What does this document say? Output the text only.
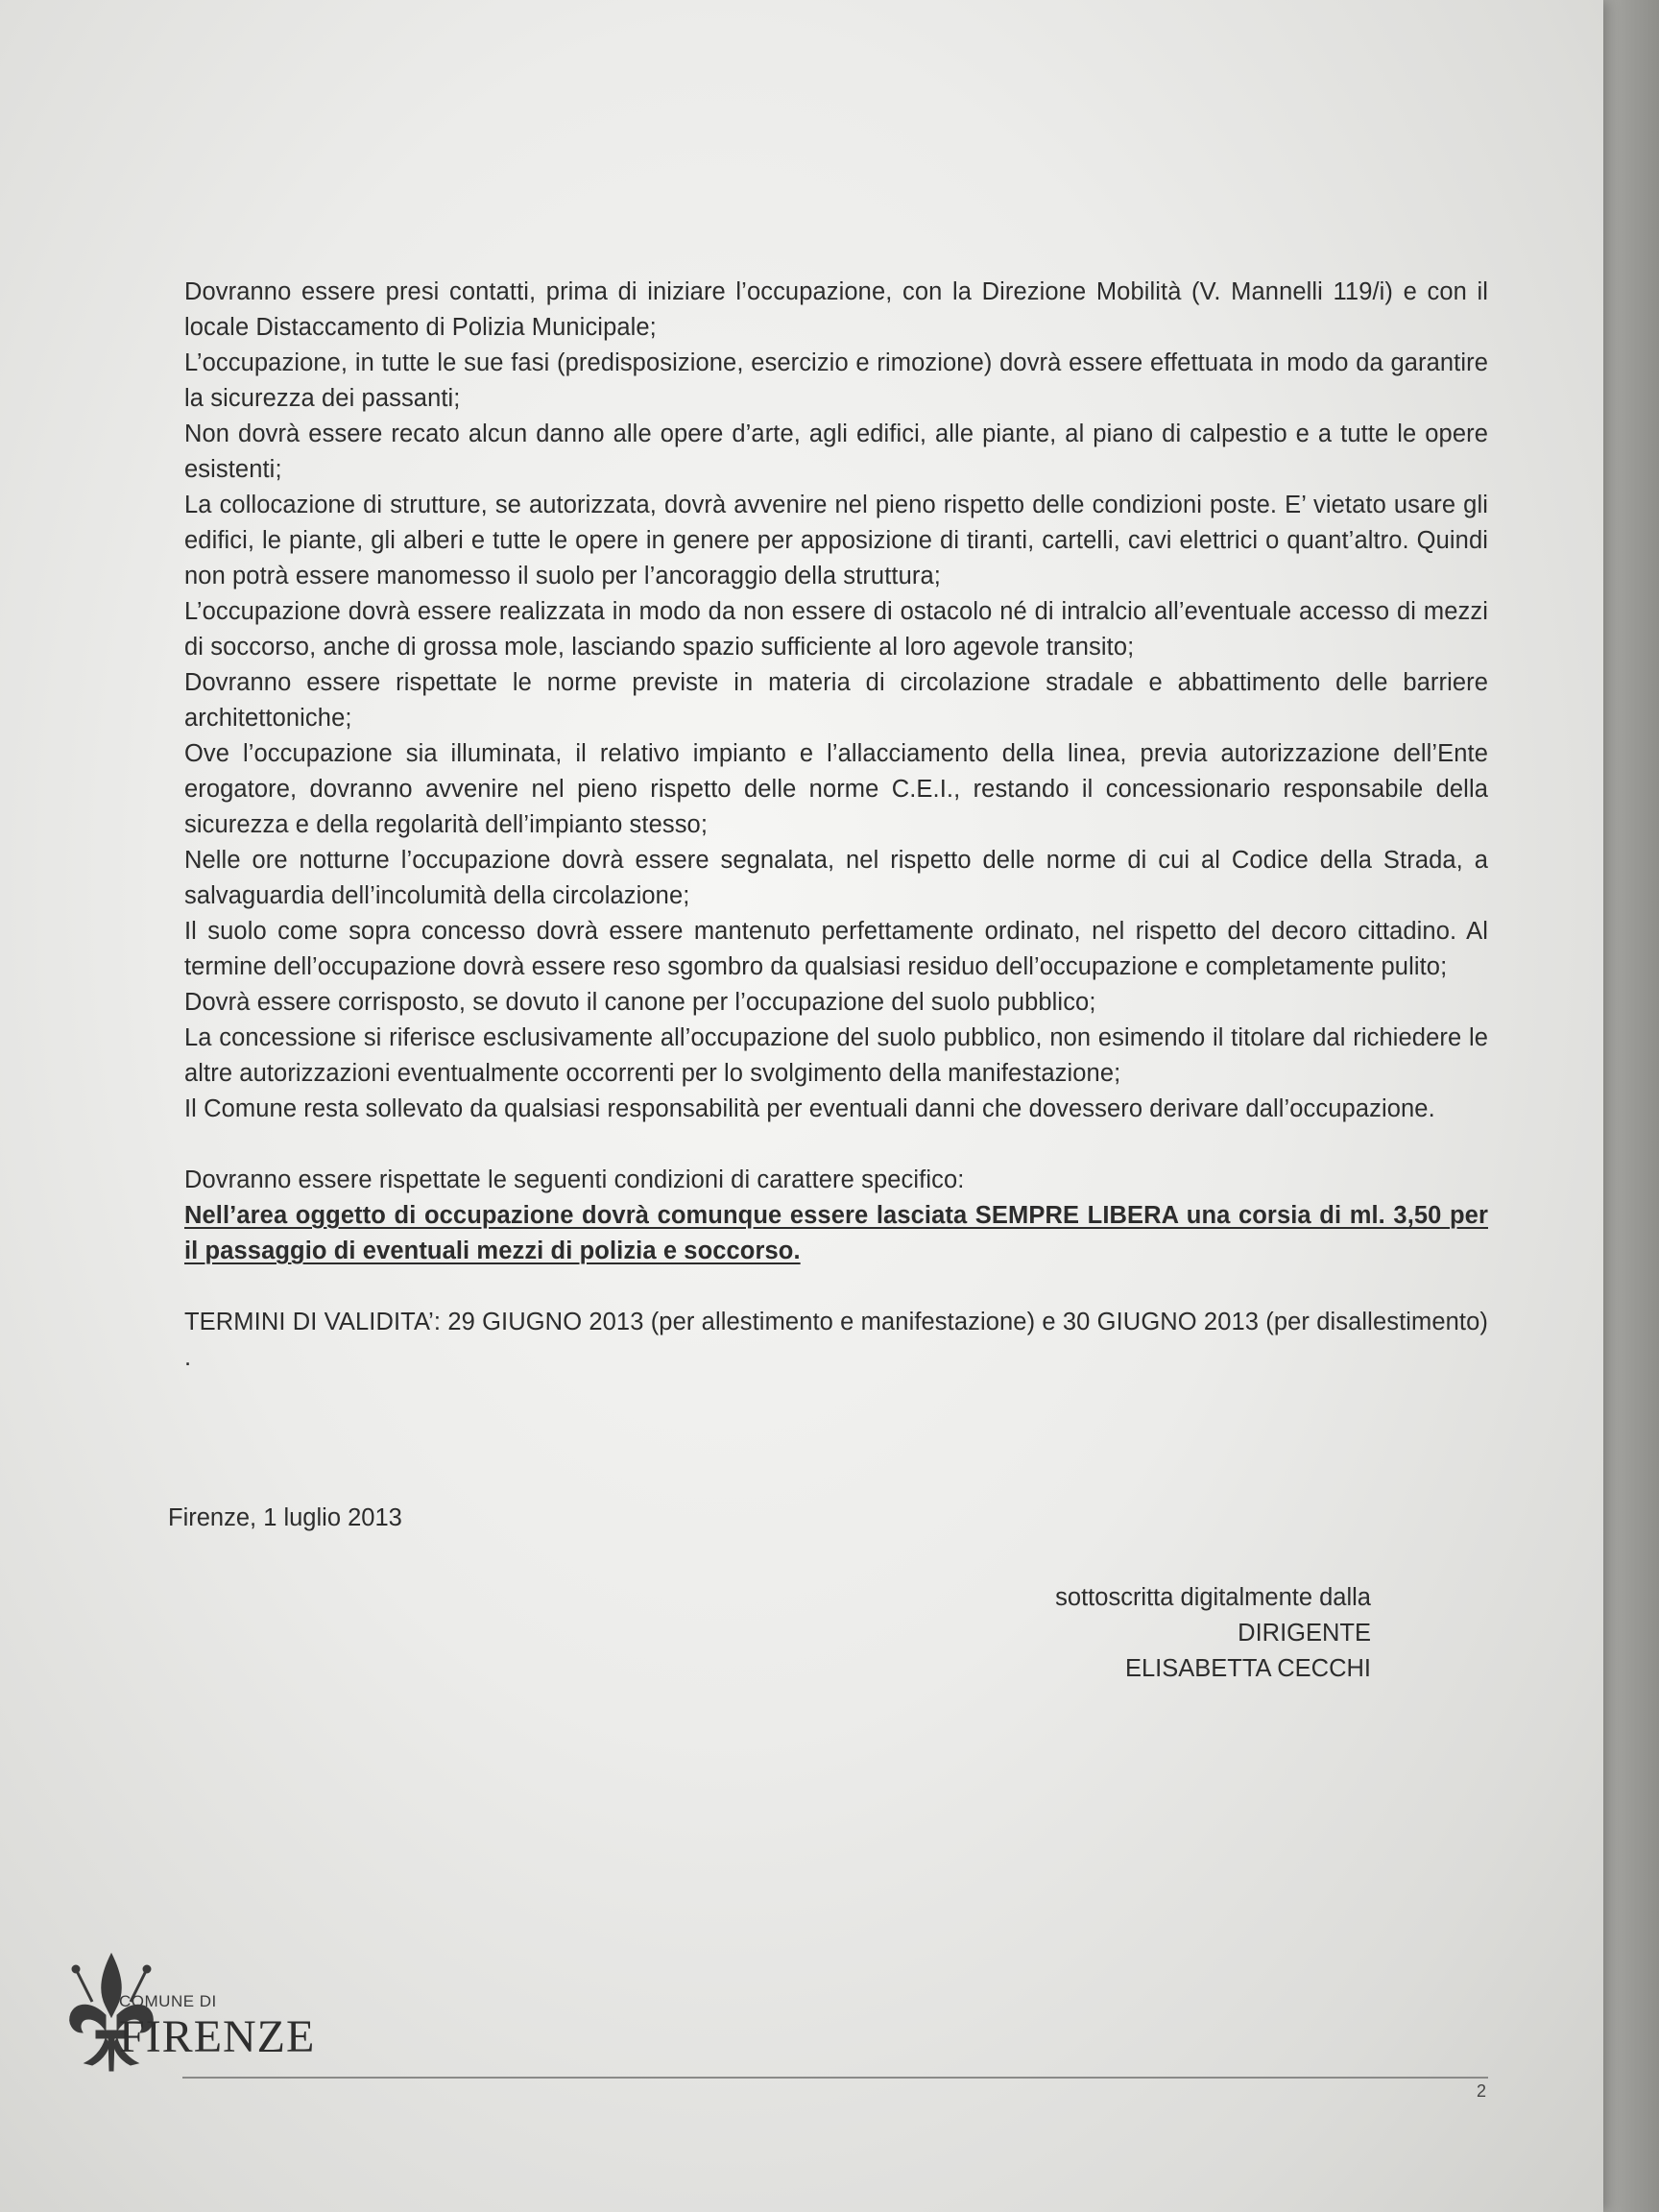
Dovranno essere presi contatti, prima di iniziare l’occupazione, con la Direzione Mobilità (V. Mannelli 119/i) e con il locale Distaccamento di Polizia Municipale;

L’occupazione, in tutte le sue fasi (predisposizione, esercizio e rimozione) dovrà essere effettuata in modo da garantire la sicurezza dei passanti;

Non dovrà essere recato alcun danno alle opere d’arte, agli edifici, alle piante, al piano di calpestio e a tutte le opere esistenti;

La collocazione di strutture, se autorizzata, dovrà avvenire nel pieno rispetto delle condizioni poste. E’ vietato usare gli edifici, le piante, gli alberi e tutte le opere in genere per apposizione di tiranti, cartelli, cavi elettrici o quant’altro. Quindi non potrà essere manomesso il suolo per l’ancoraggio della struttura;

L’occupazione dovrà essere realizzata in modo da non essere di ostacolo né di intralcio all’eventuale accesso di mezzi di soccorso, anche di grossa mole, lasciando spazio sufficiente al loro agevole transito;

Dovranno essere rispettate le norme previste in materia di circolazione stradale e abbattimento delle barriere architettoniche;

Ove l’occupazione sia illuminata, il relativo impianto e l’allacciamento della linea, previa autorizzazione dell’Ente erogatore, dovranno avvenire nel pieno rispetto delle norme C.E.I., restando il concessionario responsabile della sicurezza e della regolarità dell’impianto stesso;

Nelle ore notturne l’occupazione dovrà essere segnalata, nel rispetto delle norme di cui al Codice della Strada, a salvaguardia dell’incolumità della circolazione;

Il suolo come sopra concesso dovrà essere mantenuto perfettamente ordinato, nel rispetto del decoro cittadino. Al termine dell’occupazione dovrà essere reso sgombro da qualsiasi residuo dell’occupazione e completamente pulito;

Dovrà essere corrisposto, se dovuto il canone per l’occupazione del suolo pubblico;

La concessione si riferisce esclusivamente all’occupazione del suolo pubblico, non esimendo il titolare dal richiedere le altre autorizzazioni eventualmente occorrenti per lo svolgimento della manifestazione;

Il Comune resta sollevato da qualsiasi responsabilità per eventuali danni che dovessero derivare dall’occupazione.

Dovranno essere rispettate le seguenti condizioni di carattere specifico:

Nell’area oggetto di occupazione dovrà comunque essere lasciata SEMPRE LIBERA una corsia di ml. 3,50 per il passaggio di eventuali mezzi di polizia e soccorso.

TERMINI DI VALIDITA’: 29 GIUGNO 2013 (per allestimento e manifestazione) e 30 GIUGNO 2013 (per disallestimento) .

Firenze, 1 luglio 2013
sottoscritta digitalmente dalla
DIRIGENTE
ELISABETTA CECCHI
COMUNE DI
FIRENZE
2
